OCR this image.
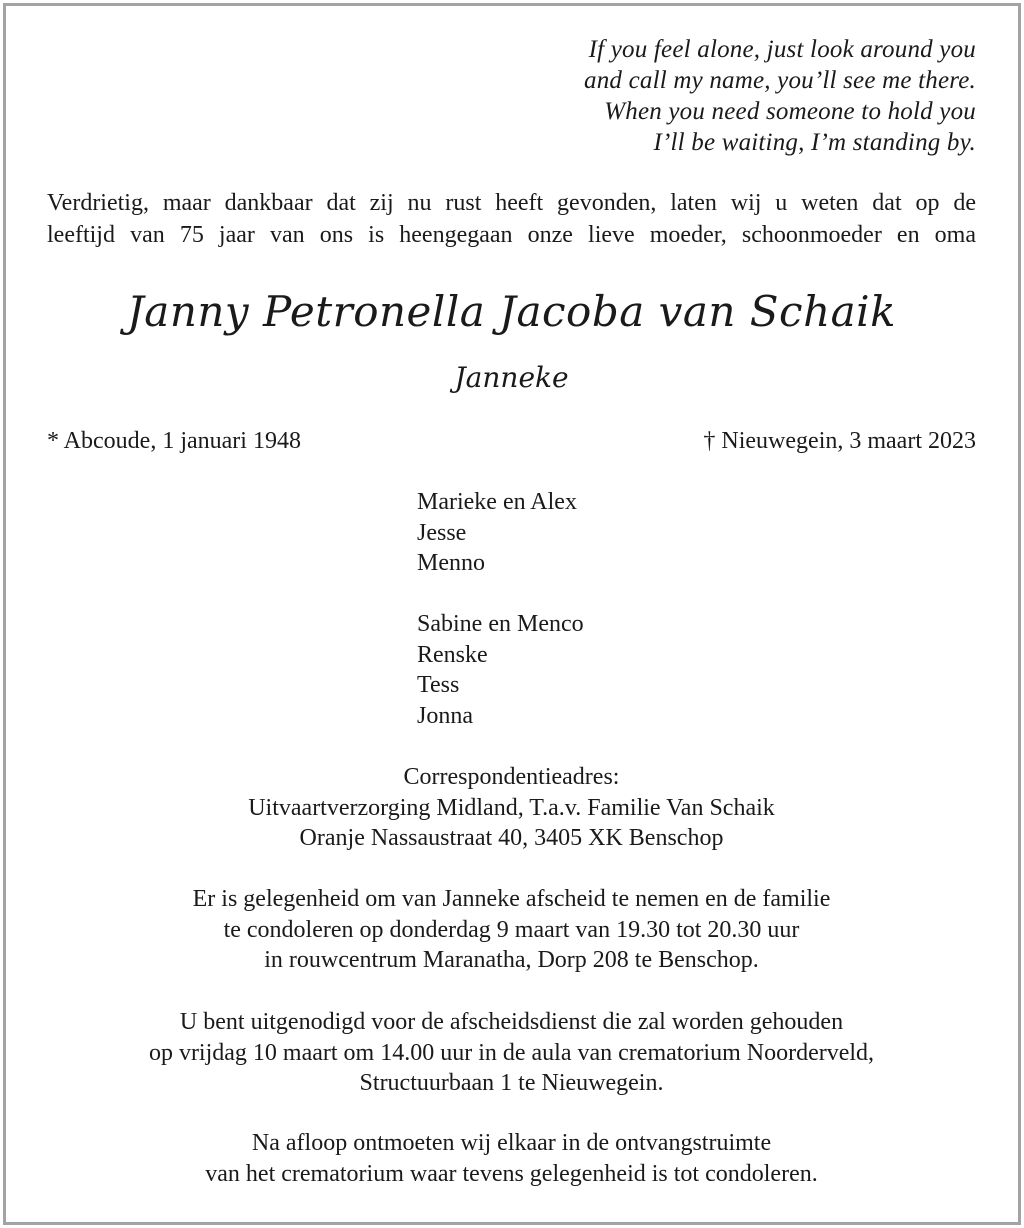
If you feel alone, just look around you
and call my name, you’ll see me there.
When you need someone to hold you
I’ll be waiting, I’m standing by.
Verdrietig, maar dankbaar dat zij nu rust heeft gevonden, laten wij u weten dat op de
leeftijd van 75 jaar van ons is heengegaan onze lieve moeder, schoonmoeder en oma
Janny Petronella Jacoba van Schaik
Janneke
* Abcoude, 1 januari 1948	† Nieuwegein, 3 maart 2023
Marieke en Alex
Jesse
Menno
Sabine en Menco
Renske
Tess
Jonna
Correspondentieadres:
Uitvaartverzorging Midland, T.a.v. Familie Van Schaik
Oranje Nassaustraat 40, 3405 XK Benschop
Er is gelegenheid om van Janneke afscheid te nemen en de familie
te condoleren op donderdag 9 maart van 19.30 tot 20.30 uur
in rouwcentrum Maranatha, Dorp 208 te Benschop.
U bent uitgenodigd voor de afscheidsdienst die zal worden gehouden
op vrijdag 10 maart om 14.00 uur in de aula van crematorium Noorderveld,
Structuurbaan 1 te Nieuwegein.
Na afloop ontmoeten wij elkaar in de ontvangstruimte
van het crematorium waar tevens gelegenheid is tot condoleren.
